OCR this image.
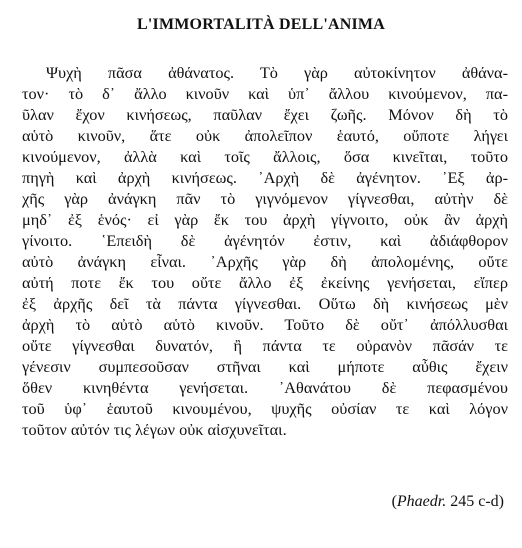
L'IMMORTALITÀ DELL'ANIMA
Ψυχὴ πᾶσα ἀθάνατος. Τὸ γὰρ αὐτοκίνητον ἀθάνα-
τον· τὸ δ᾽ ἄλλο κινοῦν καὶ ὑπ᾽ ἄλλου κινούμενον, πα-
ῦλαν ἔχον κινήσεως, παῦλαν ἔχει ζωῆς. Μόνον δὴ τὸ
αὑτὸ κινοῦν, ἅτε οὐκ ἀπολεῖπον ἑαυτό, οὔποτε λήγει
κινούμενον, ἀλλὰ καὶ τοῖς ἄλλοις, ὅσα κινεῖται, τοῦτο
πηγὴ καὶ ἀρχὴ κινήσεως. ᾿Αρχὴ δὲ ἀγένητον. ᾿Εξ ἀρ-
χῆς γὰρ ἀνάγκη πᾶν τὸ γιγνόμενον γίγνεσθαι, αὐτὴν δὲ
μηδ᾽ ἐξ ἑνός· εἰ γὰρ ἔκ του ἀρχὴ γίγνοιτο, οὐκ ἂν ἀρχὴ
γίνοιτο. ῾Επειδὴ δὲ ἀγένητόν ἐστιν, καὶ ἀδιάφθορον
αὐτὸ ἀνάγκη εἶναι. ᾿Αρχῆς γὰρ δὴ ἀπολομένης, οὔτε
αὐτή ποτε ἔκ του οὔτε ἄλλο ἐξ ἐκείνης γενήσεται, εἴπερ
ἐξ ἀρχῆς δεῖ τὰ πάντα γίγνεσθαι. Οὕτω δὴ κινήσεως μὲν
ἀρχὴ τὸ αὐτὸ αὑτὸ κινοῦν. Τοῦτο δὲ οὔτ᾽ ἀπόλλυσθαι
οὔτε γίγνεσθαι δυνατόν, ἢ πάντα τε οὐρανὸν πᾶσάν τε
γένεσιν συμπεσοῦσαν στῆναι καὶ μήποτε αὖθις ἔχειν
ὅθεν κινηθέντα γενήσεται. ᾿Αθανάτου δὲ πεφασμένου
τοῦ ὑφ᾽ ἑαυτοῦ κινουμένου, ψυχῆς οὐσίαν τε καὶ λόγον
τοῦτον αὐτόν τις λέγων οὐκ αἰσχυνεῖται.

(Phaedr. 245 c-d)
